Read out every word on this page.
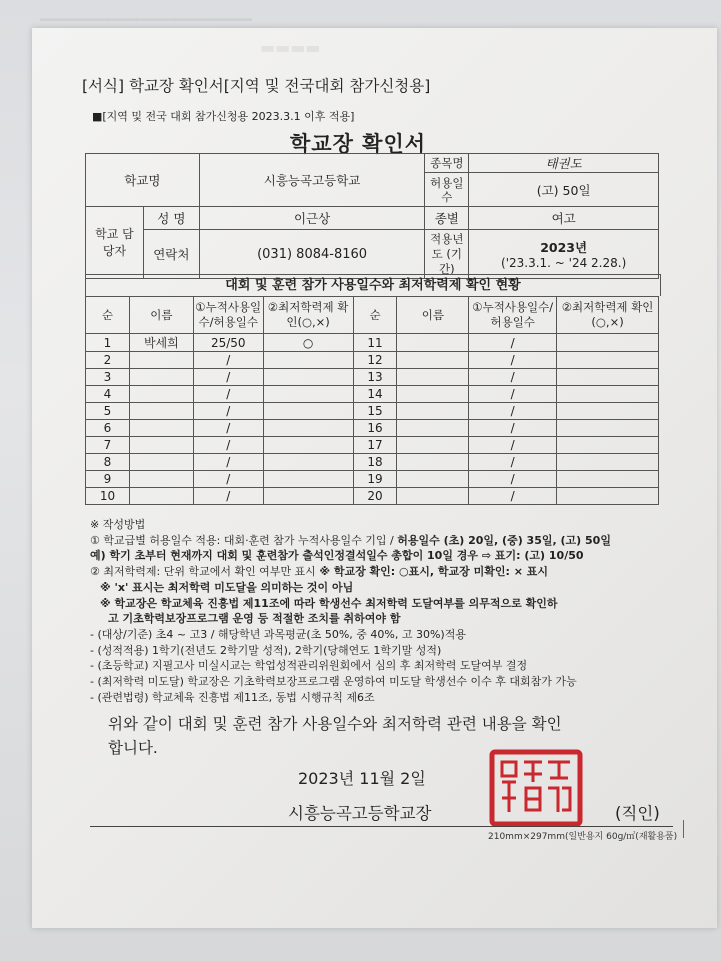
━━━━━━━━━━━━━━━━━━━━━━
▬▬▬▬
[서식] 학교장 확인서[지역 및 전국대회 참가신청용]
■[지역 및 전국 대회 참가신청용 2023.3.1 이후 적용]
학교장 확인서
학교명		시흥능곡고등학교	종목명	태권도
			허용일수	(고) 50일
학교 담당자	성 명	이근상	종별	여고
	연락처	(031) 8084-8160	적용년도 (기간)	2023년
('23.3.1. ~ '24 2.28.)
대회 및 훈련 참가 사용일수와 최저학력제 확인 현황
순	이름	①누적사용일수/허용일수	②최저학력제 확인(○,×)	순	이름	①누적사용일수/허용일수	②최저학력제 확인(○,×)
1	박세희	25/50	○	11		/	
2		/		12		/	
3		/		13		/	
4		/		14		/	
5		/		15		/	
6		/		16		/	
7		/		17		/	
8		/		18		/	
9		/		19		/	
10		/		20		/	
※ 작성방법
① 학교급별 허용일수 적용: 대회·훈련 참가 누적사용일수 기입 / 허용일수 (초) 20일, (중) 35일, (고) 50일
예) 학기 초부터 현재까지 대회 및 훈련참가 출석인정결석일수 총합이 10일 경우 ⇨ 표기: (고) 10/50
② 최저학력제: 단위 학교에서 확인 여부만 표시 ※ 학교장 확인: ○표시, 학교장 미확인: × 표시
※ 'x' 표시는 최저학력 미도달을 의미하는 것이 아님
※ 학교장은 학교체육 진흥법 제11조에 따라 학생선수 최저학력 도달여부를 의무적으로 확인하
고 기초학력보장프로그램 운영 등 적절한 조치를 취하여야 함
- (대상/기준) 초4 ~ 고3 / 해당학년 과목평균(초 50%, 중 40%, 고 30%)적용
- (성적적용) 1학기(전년도 2학기말 성적), 2학기(당해연도 1학기말 성적)
- (초등학교) 지필고사 미실시교는 학업성적관리위원회에서 심의 후 최저학력 도달여부 결정
- (최저학력 미도달) 학교장은 기초학력보장프로그램 운영하여 미도달 학생선수 이수 후 대회참가 가능
- (관련법령) 학교체육 진흥법 제11조, 동법 시행규칙 제6조
위와 같이 대회 및 훈련 참가 사용일수와 최저학력 관련 내용을 확인
합니다.
2023년 11월 2일
시흥능곡고등학교장	(직인)
210mm×297mm(일반용지 60g/㎡(재활용품)
